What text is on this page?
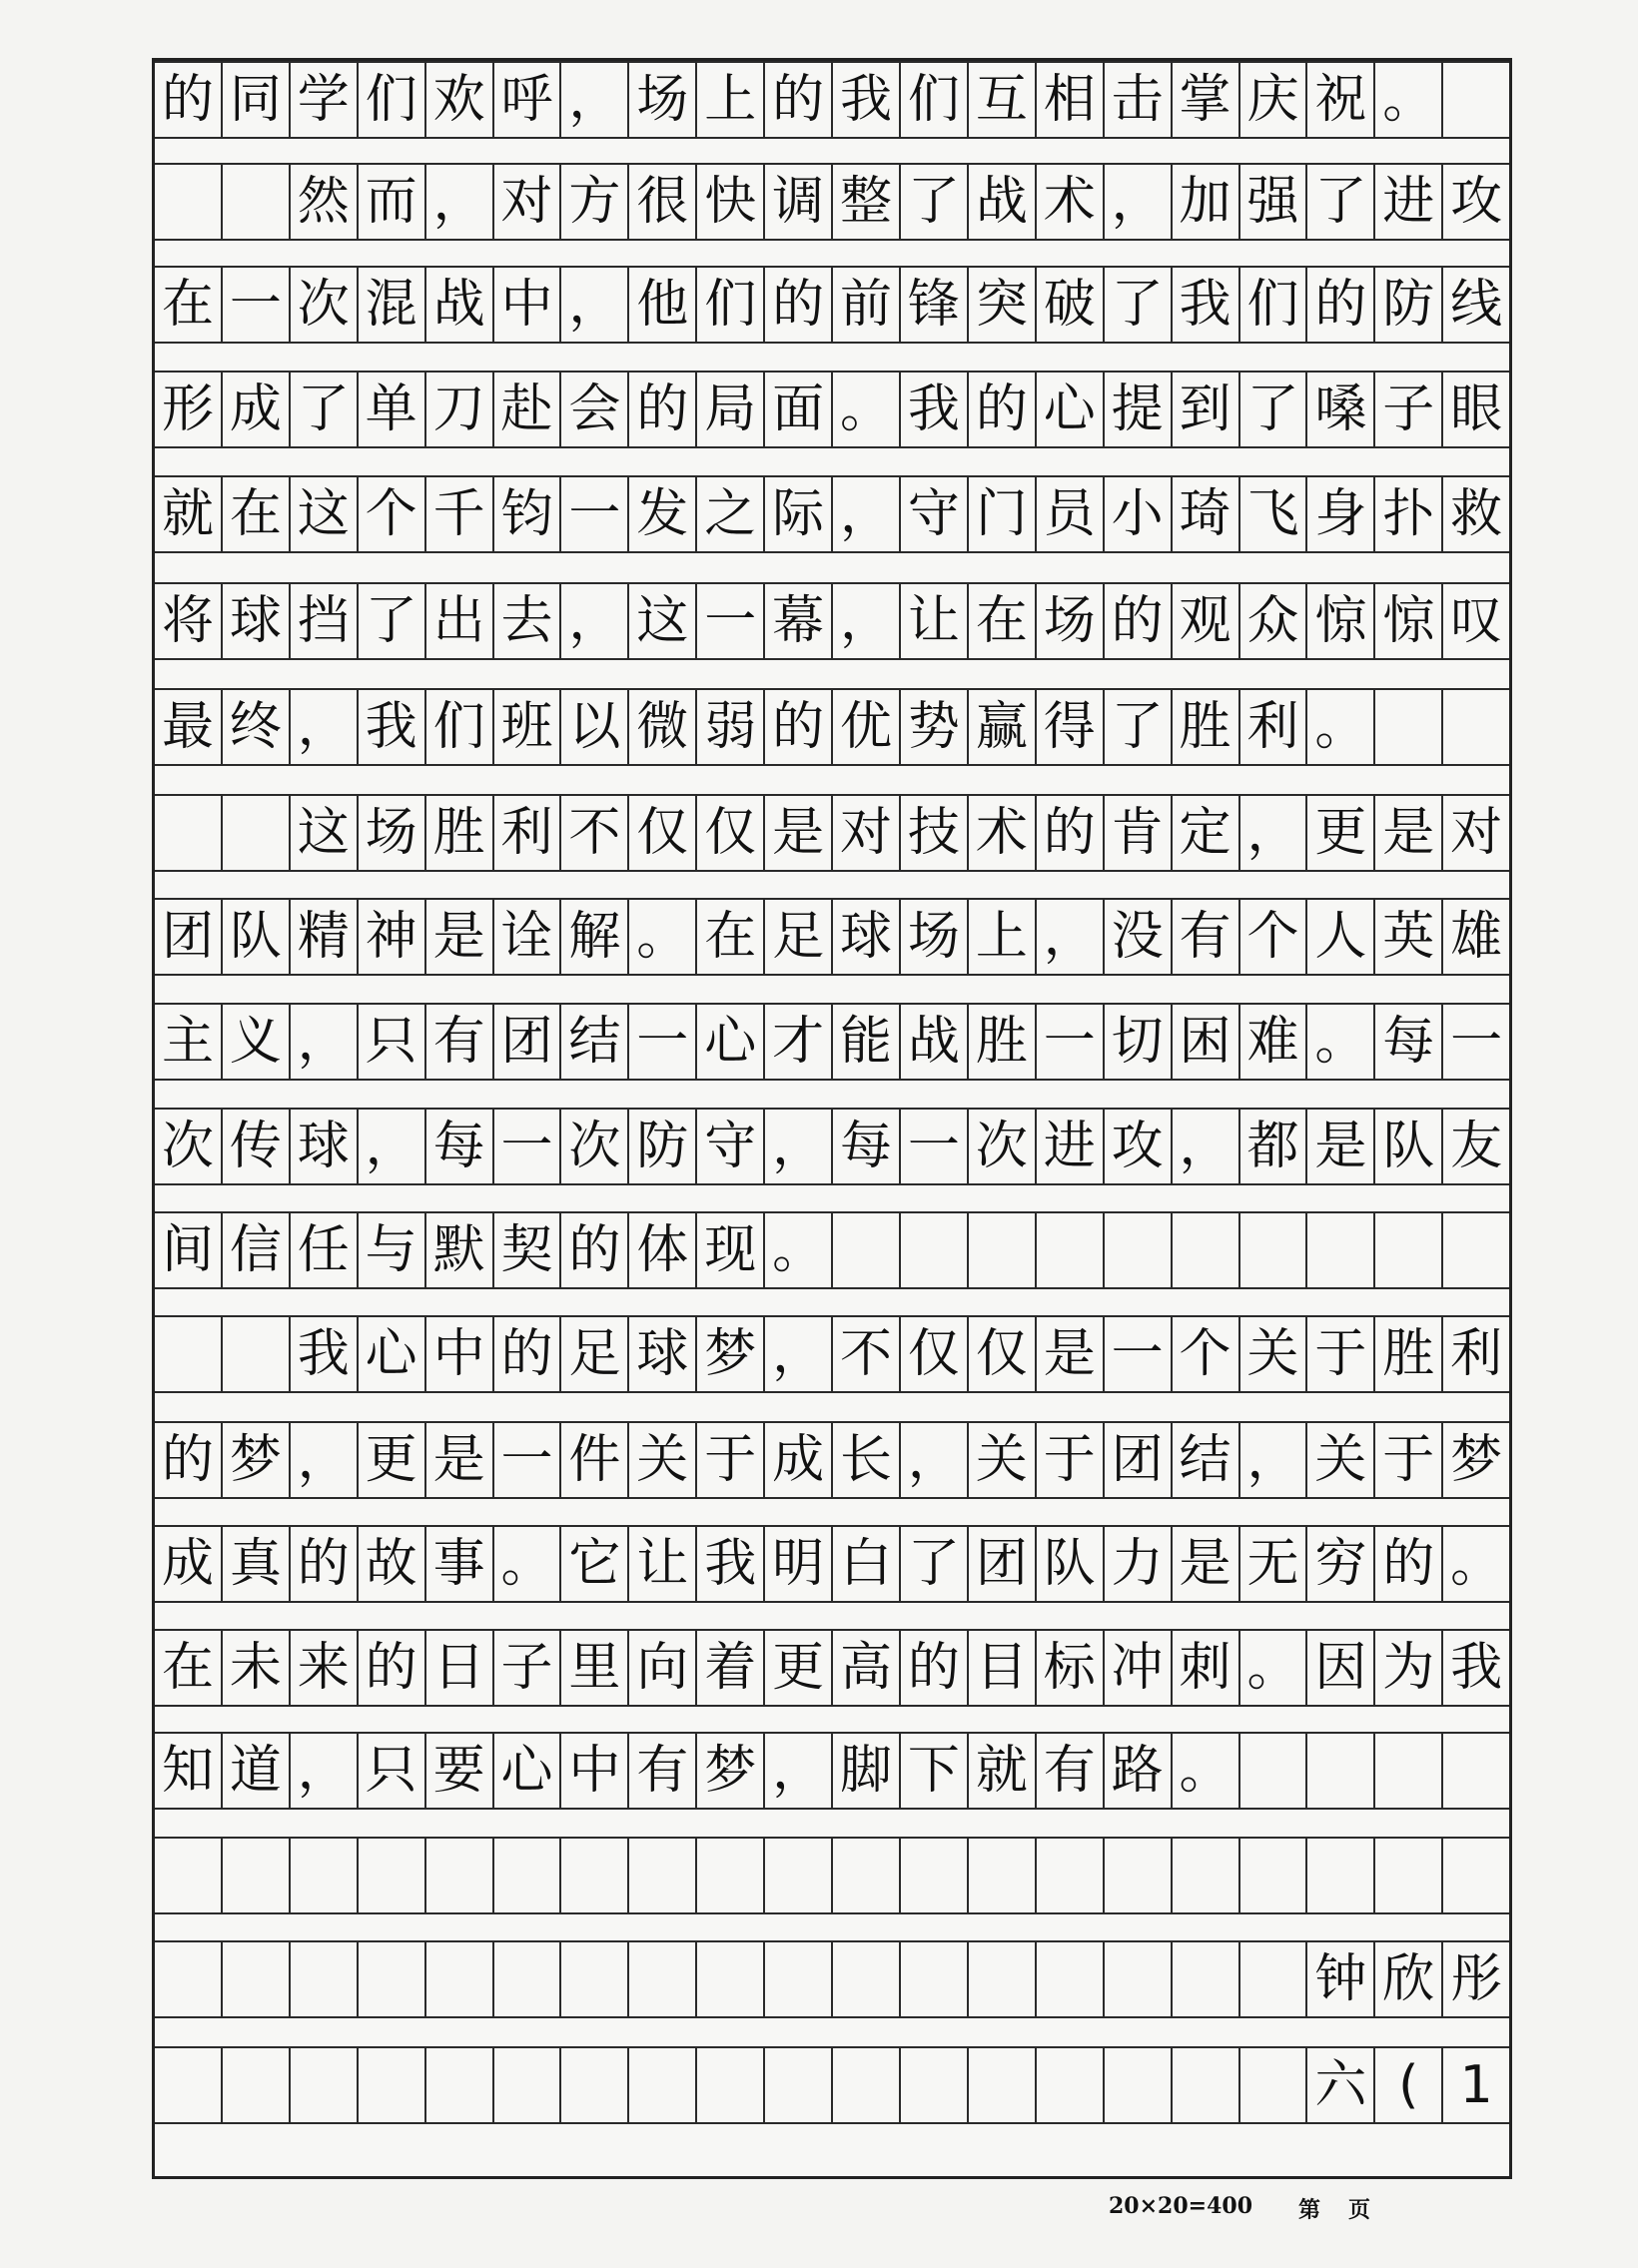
的 同 学 们 欢 呼 ， 场 上 的 我 们 互 相 击 掌 庆 祝 。
然 而 ， 对 方 很 快 调 整 了 战 术 ， 加 强 了 进 攻
在 一 次 混 战 中 ， 他 们 的 前 锋 突 破 了 我 们 的 防 线
形 成 了 单 刀 赴 会 的 局 面 。 我 的 心 提 到 了 嗓 子 眼
就 在 这 个 千 钧 一 发 之 际 ， 守 门 员 小 琦 飞 身 扑 救
将 球 挡 了 出 去 ， 这 一 幕 ， 让 在 场 的 观 众 惊 惊 叹
最 终 ， 我 们 班 以 微 弱 的 优 势 赢 得 了 胜 利 。
这 场 胜 利 不 仅 仅 是 对 技 术 的 肯 定 ， 更 是 对
团 队 精 神 是 诠 解 。 在 足 球 场 上 ， 没 有 个 人 英 雄
主 义 ， 只 有 团 结 一 心 才 能 战 胜 一 切 困 难 。 每 一
次 传 球 ， 每 一 次 防 守 ， 每 一 次 进 攻 ， 都 是 队 友
间 信 任 与 默 契 的 体 现 。
我 心 中 的 足 球 梦 ， 不 仅 仅 是 一 个 关 于 胜 利
的 梦 ， 更 是 一 件 关 于 成 长 ， 关 于 团 结 ， 关 于 梦
成 真 的 故 事 。 它 让 我 明 白 了 团 队 力 是 无 穷 的 。
在 未 来 的 日 子 里 向 着 更 高 的 目 标 冲 刺 。 因 为 我
知 道 ， 只 要 心 中 有 梦 ， 脚 下 就 有 路 。
钟 欣 彤
六 ( 1
20×20=400 第页
